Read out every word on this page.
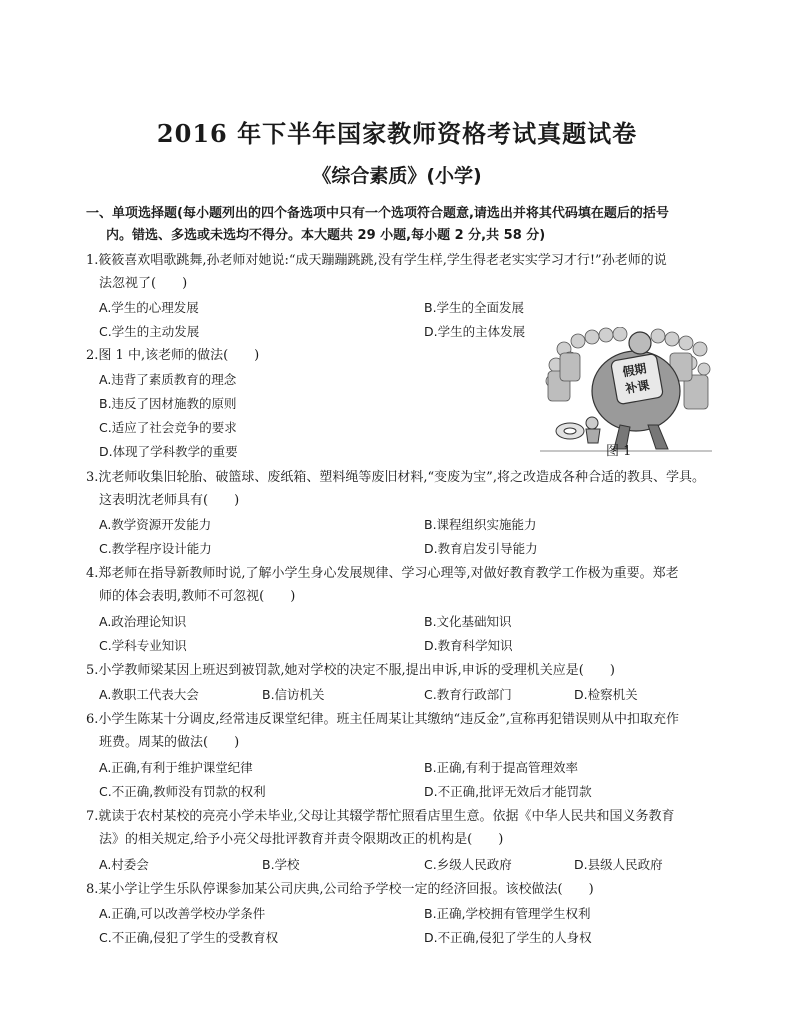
2016 年下半年国家教师资格考试真题试卷
《综合素质》(小学)
一、单项选择题(每小题列出的四个备选项中只有一个选项符合题意,请选出并将其代码填在题后的括号
内。错选、多选或未选均不得分。本大题共 29 小题,每小题 2 分,共 58 分)
1.筱筱喜欢唱歌跳舞,孙老师对她说:“成天蹦蹦跳跳,没有学生样,学生得老老实实学习才行!”孙老师的说
法忽视了(　　)
A.学生的心理发展	B.学生的全面发展
C.学生的主动发展	D.学生的主体发展
2.图 1 中,该老师的做法(　　)
A.违背了素质教育的理念
B.违反了因材施教的原则
C.适应了社会竞争的要求
D.体现了学科教学的重要
假期
补课
图 1
3.沈老师收集旧轮胎、破篮球、废纸箱、塑料绳等废旧材料,“变废为宝”,将之改造成各种合适的教具、学具。
这表明沈老师具有(　　)
A.教学资源开发能力	B.课程组织实施能力
C.教学程序设计能力	D.教育启发引导能力
4.郑老师在指导新教师时说,了解小学生身心发展规律、学习心理等,对做好教育教学工作极为重要。郑老
师的体会表明,教师不可忽视(　　)
A.政治理论知识	B.文化基础知识
C.学科专业知识	D.教育科学知识
5.小学教师梁某因上班迟到被罚款,她对学校的决定不服,提出申诉,申诉的受理机关应是(　　)
A.教职工代表大会	B.信访机关	C.教育行政部门	D.检察机关
6.小学生陈某十分调皮,经常违反课堂纪律。班主任周某让其缴纳“违反金”,宣称再犯错误则从中扣取充作
班费。周某的做法(　　)
A.正确,有利于维护课堂纪律	B.正确,有利于提高管理效率
C.不正确,教师没有罚款的权利	D.不正确,批评无效后才能罚款
7.就读于农村某校的亮亮小学未毕业,父母让其辍学帮忙照看店里生意。依据《中华人民共和国义务教育
法》的相关规定,给予小亮父母批评教育并责令限期改正的机构是(　　)
A.村委会	B.学校	C.乡级人民政府	D.县级人民政府
8.某小学让学生乐队停课参加某公司庆典,公司给予学校一定的经济回报。该校做法(　　)
A.正确,可以改善学校办学条件	B.正确,学校拥有管理学生权利
C.不正确,侵犯了学生的受教育权	D.不正确,侵犯了学生的人身权
